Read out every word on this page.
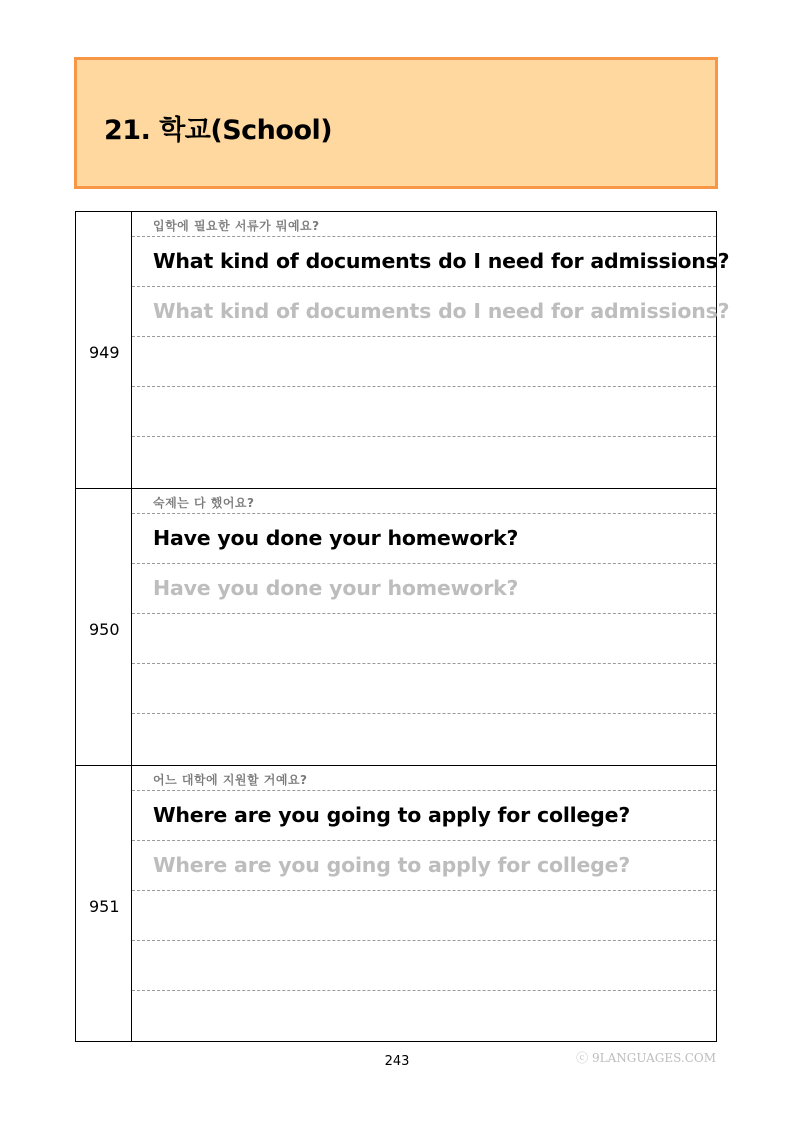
21. 학교(School)
949
입학에 필요한 서류가 뭐예요?
What kind of documents do I need for admissions?
What kind of documents do I need for admissions?
950
숙제는 다 했어요?
Have you done your homework?
Have you done your homework?
951
어느 대학에 지원할 거예요?
Where are you going to apply for college?
Where are you going to apply for college?
243	ⓒ 9LANGUAGES.COM
